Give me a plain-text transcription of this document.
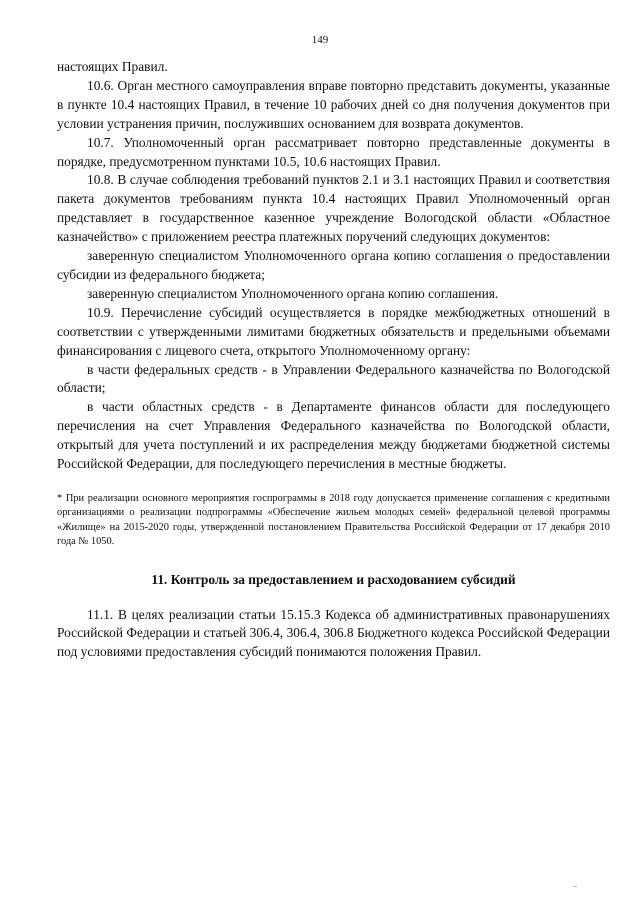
149

настоящих Правил.

10.6. Орган местного самоуправления вправе повторно представить документы, указанные в пункте 10.4 настоящих Правил, в течение 10 рабочих дней со дня получения документов при условии устранения причин, послуживших основанием для возврата документов.

10.7. Уполномоченный орган рассматривает повторно представленные документы в порядке, предусмотренном пунктами 10.5, 10.6 настоящих Правил.

10.8. В случае соблюдения требований пунктов 2.1 и 3.1 настоящих Правил и соответствия пакета документов требованиям пункта 10.4 настоящих Правил Уполномоченный орган представляет в государственное казенное учреждение Вологодской области «Областное казначейство» с приложением реестра платежных поручений следующих документов:

заверенную специалистом Уполномоченного органа копию соглашения о предоставлении субсидии из федерального бюджета;

заверенную специалистом Уполномоченного органа копию соглашения.

10.9. Перечисление субсидий осуществляется в порядке межбюджетных отношений в соответствии с утвержденными лимитами бюджетных обязательств и предельными объемами финансирования с лицевого счета, открытого Уполномоченному органу:

в части федеральных средств - в Управлении Федерального казначейства по Вологодской области;

в части областных средств - в Департаменте финансов области для последующего перечисления на счет Управления Федерального казначейства по Вологодской области, открытый для учета поступлений и их распределения между бюджетами бюджетной системы Российской Федерации, для последующего перечисления в местные бюджеты.

* При реализации основного мероприятия госпрограммы в 2018 году допускается применение соглашения с кредитными организациями о реализации подпрограммы «Обеспечение жильем молодых семей» федеральной целевой программы «Жилище» на 2015-2020 годы, утвержденной постановлением Правительства Российской Федерации от 17 декабря 2010 года № 1050.

11. Контроль за предоставлением и расходованием субсидий

11.1. В целях реализации статьи 15.15.3 Кодекса об административных правонарушениях Российской Федерации и статьей 306.4, 306.4, 306.8 Бюджетного кодекса Российской Федерации под условиями предоставления субсидий понимаются положения Правил.
